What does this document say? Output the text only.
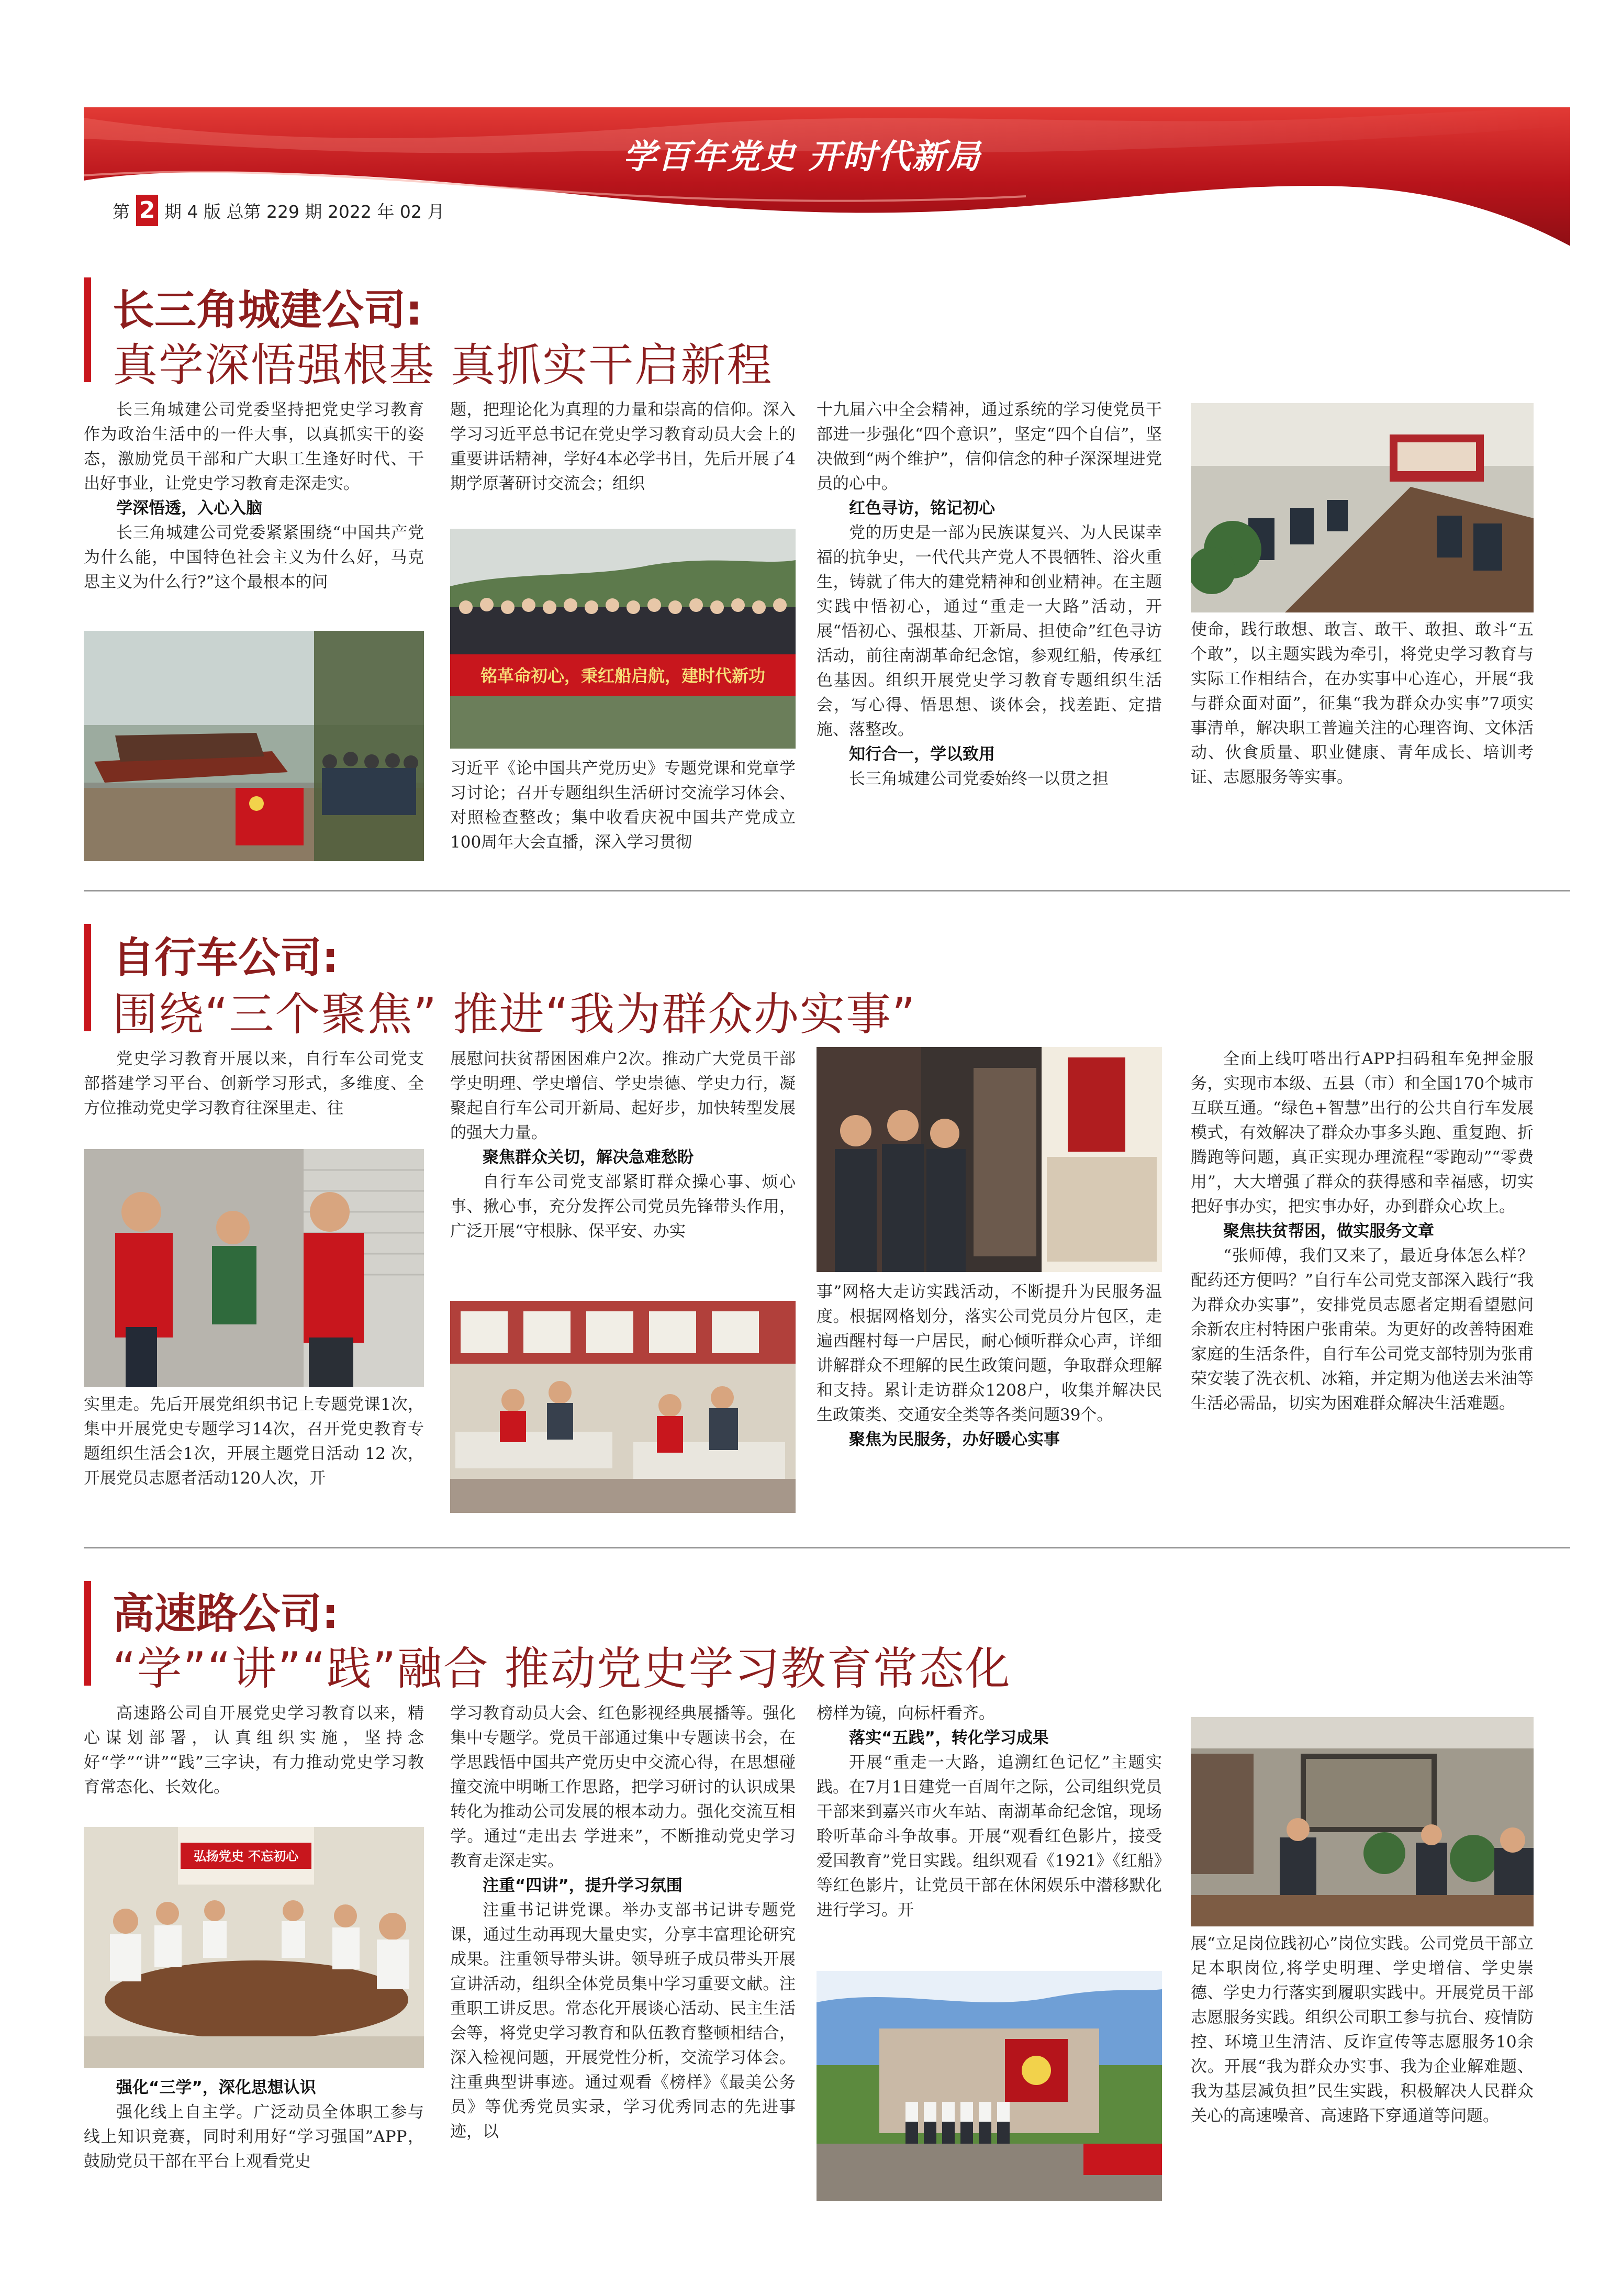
学百年党史 开时代新局
第 2 期 4 版 总第 229 期 2022 年 02 月
长三角城建公司:
真学深悟强根基 真抓实干启新程

长三角城建公司党委坚持把党史学习教育作为政治生活中的一件大事，以真抓实干的姿态，激励党员干部和广大职工生逢好时代、干出好事业，让党史学习教育走深走实。

学深悟透，入心入脑

长三角城建公司党委紧紧围绕“中国共产党为什么能，中国特色社会主义为什么好，马克思主义为什么行?”这个最根本的问

题，把理论化为真理的力量和崇高的信仰。深入学习习近平总书记在党史学习教育动员大会上的重要讲话精神，学好4本必学书目，先后开展了4期学原著研讨交流会；组织

铭革命初心，秉红船启航，建时代新功

习近平《论中国共产党历史》专题党课和党章学习讨论；召开专题组织生活研讨交流学习体会、对照检查整改；集中收看庆祝中国共产党成立100周年大会直播，深入学习贯彻

十九届六中全会精神，通过系统的学习使党员干部进一步强化“四个意识”，坚定“四个自信”，坚决做到“两个维护”，信仰信念的种子深深埋进党员的心中。

红色寻访，铭记初心

党的历史是一部为民族谋复兴、为人民谋幸福的抗争史，一代代共产党人不畏牺牲、浴火重生，铸就了伟大的建党精神和创业精神。在主题实践中悟初心，通过“重走一大路”活动，开展“悟初心、强根基、开新局、担使命”红色寻访活动，前往南湖革命纪念馆，参观红船，传承红色基因。组织开展党史学习教育专题组织生活会，写心得、悟思想、谈体会，找差距、定措施、落整改。

知行合一，学以致用

长三角城建公司党委始终一以贯之担

使命，践行敢想、敢言、敢干、敢担、敢斗“五个敢”，以主题实践为牵引，将党史学习教育与实际工作相结合，在办实事中心连心，开展“我与群众面对面”，征集“我为群众办实事”7项实事清单，解决职工普遍关注的心理咨询、文体活动、伙食质量、职业健康、青年成长、培训考证、志愿服务等实事。

自行车公司:
围绕“三个聚焦” 推进“我为群众办实事”

党史学习教育开展以来，自行车公司党支部搭建学习平台、创新学习形式，多维度、全方位推动党史学习教育往深里走、往

实里走。先后开展党组织书记上专题党课1次，集中开展党史专题学习14次，召开党史教育专题组织生活会1次，开展主题党日活动 12 次，开展党员志愿者活动120人次，开

展慰问扶贫帮困困难户2次。推动广大党员干部学史明理、学史增信、学史崇德、学史力行，凝聚起自行车公司开新局、起好步，加快转型发展的强大力量。

聚焦群众关切，解决急难愁盼

自行车公司党支部紧盯群众操心事、烦心事、揪心事，充分发挥公司党员先锋带头作用，广泛开展“守根脉、保平安、办实

事”网格大走访实践活动，不断提升为民服务温度。根据网格划分，落实公司党员分片包区，走遍西醒村每一户居民，耐心倾听群众心声，详细讲解群众不理解的民生政策问题，争取群众理解和支持。累计走访群众1208户，收集并解决民生政策类、交通安全类等各类问题39个。

聚焦为民服务，办好暖心实事

全面上线叮嗒出行APP扫码租车免押金服务，实现市本级、五县（市）和全国170个城市互联互通。“绿色+智慧”出行的公共自行车发展模式，有效解决了群众办事多头跑、重复跑、折腾跑等问题，真正实现办理流程“零跑动”“零费用”，大大增强了群众的获得感和幸福感，切实把好事办实，把实事办好，办到群众心坎上。

聚焦扶贫帮困，做实服务文章

“张师傅，我们又来了，最近身体怎么样？配药还方便吗？”自行车公司党支部深入践行“我为群众办实事”，安排党员志愿者定期看望慰问余新农庄村特困户张甫荣。为更好的改善特困难家庭的生活条件，自行车公司党支部特别为张甫荣安装了洗衣机、冰箱，并定期为他送去米油等生活必需品，切实为困难群众解决生活难题。

高速路公司:
“学”“讲”“践”融合 推动党史学习教育常态化

高速路公司自开展党史学习教育以来，精心谋划部署，认真组织实施，坚持念好“学”“讲”“践”三字诀，有力推动党史学习教育常态化、长效化。

弘扬党史 不忘初心
强化“三学”，深化思想认识

强化线上自主学。广泛动员全体职工参与线上知识竞赛，同时利用好“学习强国”APP，鼓励党员干部在平台上观看党史

学习教育动员大会、红色影视经典展播等。强化集中专题学。党员干部通过集中专题读书会，在学思践悟中国共产党历史中交流心得，在思想碰撞交流中明晰工作思路，把学习研讨的认识成果转化为推动公司发展的根本动力。强化交流互相学。通过“走出去 学进来”，不断推动党史学习教育走深走实。

注重“四讲”，提升学习氛围

注重书记讲党课。举办支部书记讲专题党课，通过生动再现大量史实，分享丰富理论研究成果。注重领导带头讲。领导班子成员带头开展宣讲活动，组织全体党员集中学习重要文献。注重职工讲反思。常态化开展谈心活动、民主生活会等，将党史学习教育和队伍教育整顿相结合，深入检视问题，开展党性分析，交流学习体会。注重典型讲事迹。通过观看《榜样》《最美公务员》等优秀党员实录，学习优秀同志的先进事迹，以

榜样为镜，向标杆看齐。

落实“五践”，转化学习成果

开展“重走一大路，追溯红色记忆”主题实践。在7月1日建党一百周年之际，公司组织党员干部来到嘉兴市火车站、南湖革命纪念馆，现场聆听革命斗争故事。开展“观看红色影片，接受爱国教育”党日实践。组织观看《1921》《红船》等红色影片，让党员干部在休闲娱乐中潜移默化进行学习。开

展“立足岗位践初心”岗位实践。公司党员干部立足本职岗位,将学史明理、学史增信、学史崇德、学史力行落实到履职实践中。开展党员干部志愿服务实践。组织公司职工参与抗台、疫情防控、环境卫生清洁、反诈宣传等志愿服务10余次。开展“我为群众办实事、我为企业解难题、我为基层减负担”民生实践，积极解决人民群众关心的高速噪音、高速路下穿通道等问题。
